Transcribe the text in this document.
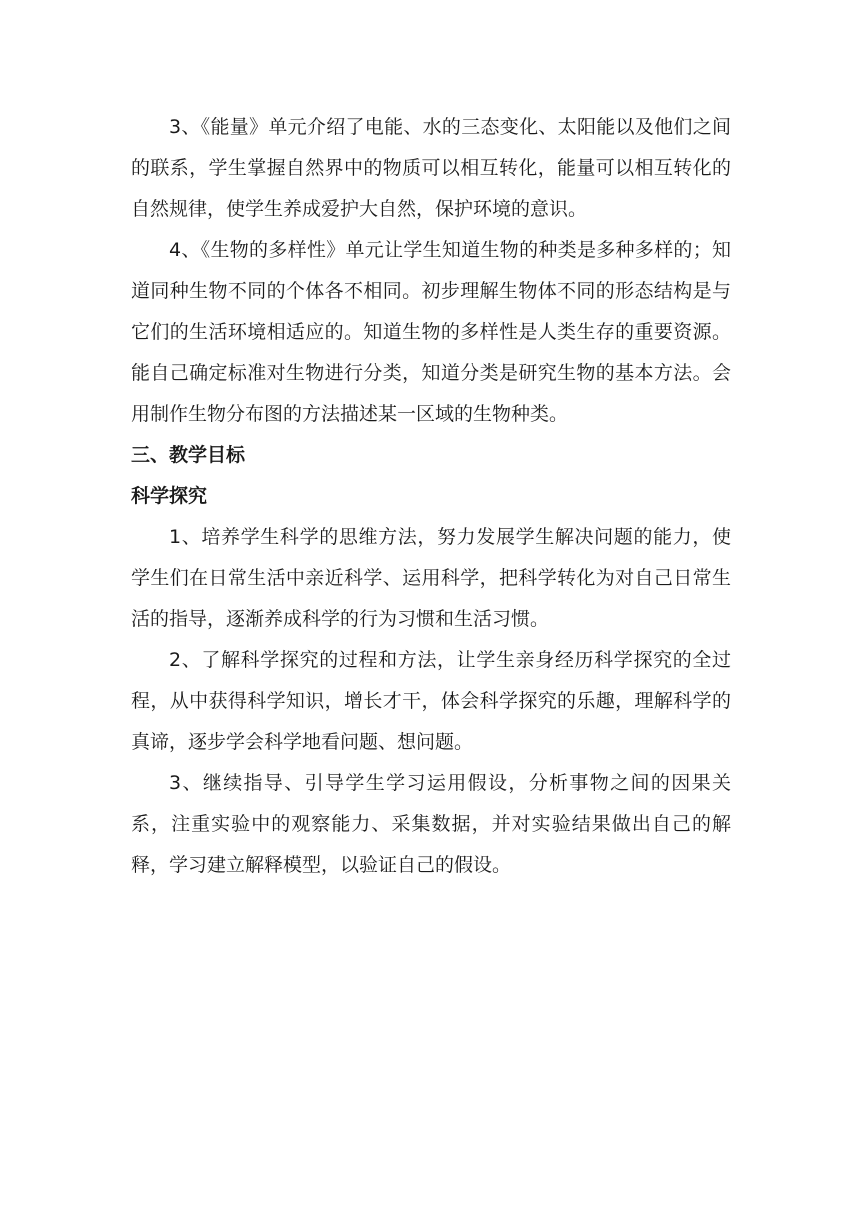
3、《能量》单元介绍了电能、水的三态变化、太阳能以及他们之间的联系，学生掌握自然界中的物质可以相互转化，能量可以相互转化的自然规律，使学生养成爱护大自然，保护环境的意识。

4、《生物的多样性》单元让学生知道生物的种类是多种多样的；知道同种生物不同的个体各不相同。初步理解生物体不同的形态结构是与它们的生活环境相适应的。知道生物的多样性是人类生存的重要资源。能自己确定标准对生物进行分类，知道分类是研究生物的基本方法。会用制作生物分布图的方法描述某一区域的生物种类。

三、教学目标

科学探究

1、培养学生科学的思维方法，努力发展学生解决问题的能力，使学生们在日常生活中亲近科学、运用科学，把科学转化为对自己日常生活的指导，逐渐养成科学的行为习惯和生活习惯。

2、了解科学探究的过程和方法，让学生亲身经历科学探究的全过程，从中获得科学知识，增长才干，体会科学探究的乐趣，理解科学的真谛，逐步学会科学地看问题、想问题。

3、继续指导、引导学生学习运用假设，分析事物之间的因果关系，注重实验中的观察能力、采集数据，并对实验结果做出自己的解释，学习建立解释模型，以验证自己的假设。
